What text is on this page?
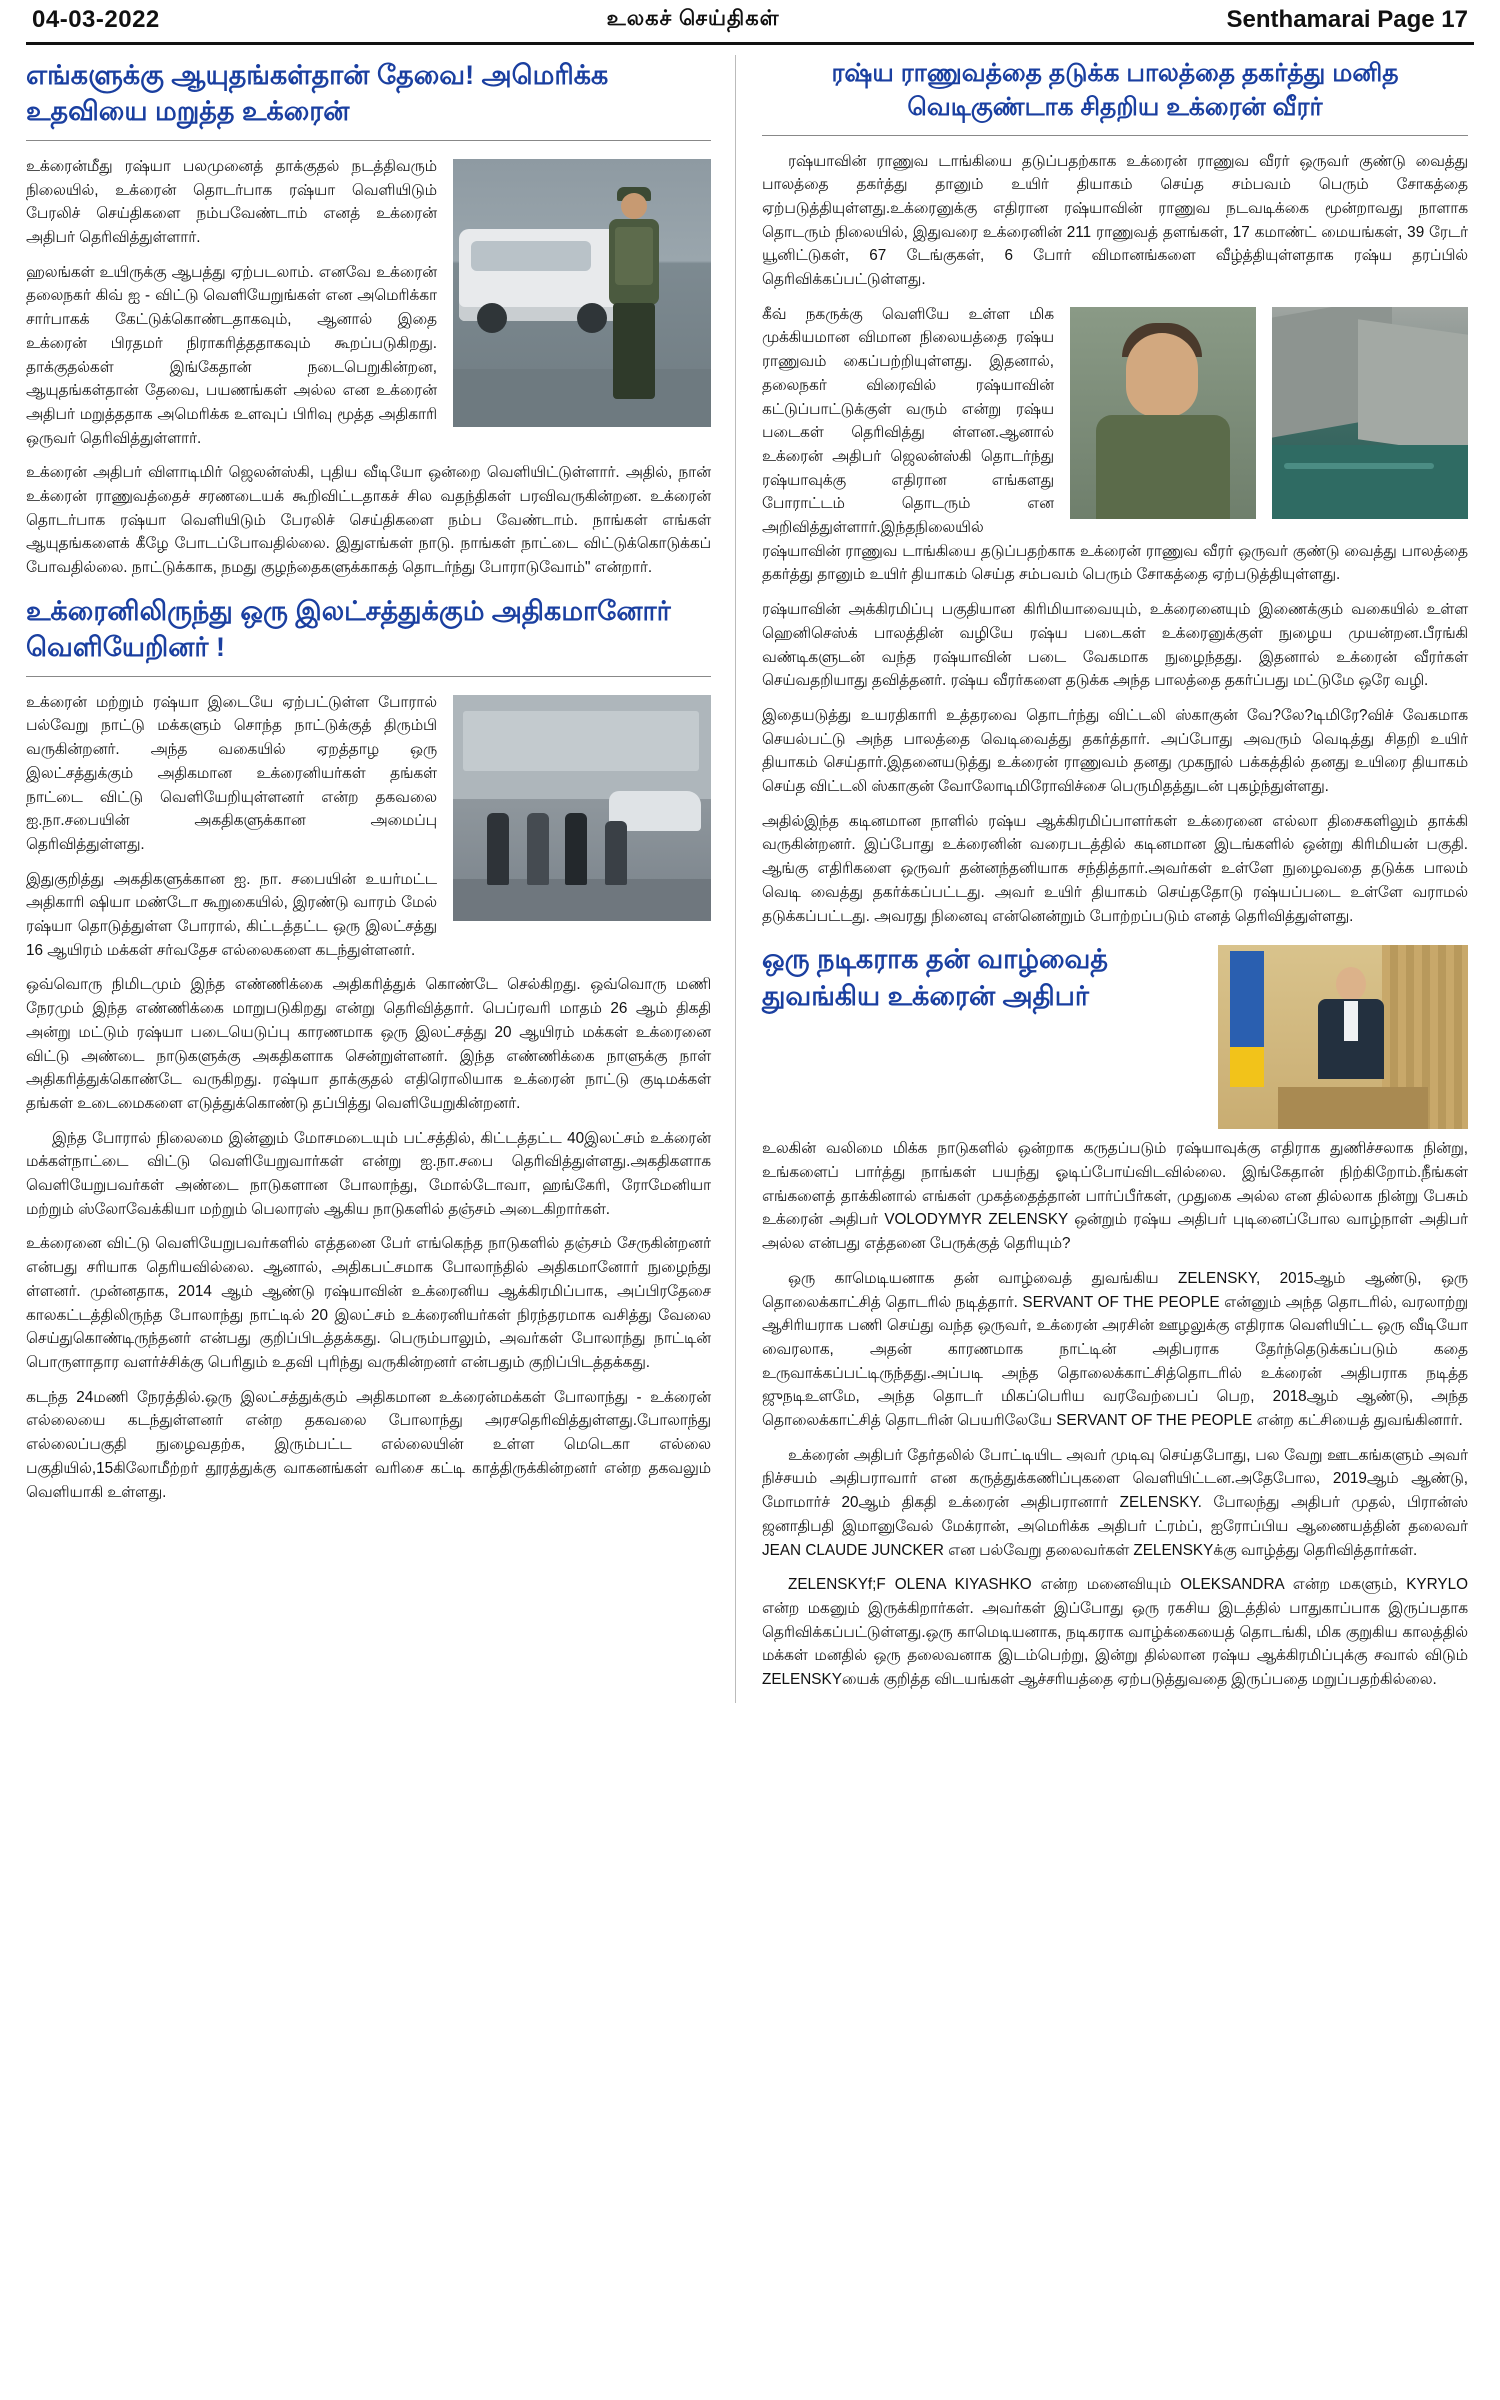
04-03-2022	உலகச் செய்திகள்	Senthamarai Page 17
எங்களுக்கு ஆயுதங்கள்தான் தேவை! அமெரிக்க உதவியை மறுத்த உக்ரைன்

உக்ரைன்மீது ரஷ்யா பலமுனைத் தாக்குதல் நடத்திவரும் நிலையில், உக்ரைன் தொடர்பாக ரஷ்யா வெளியிடும் பேரலிச் செய்திகளை நம்பவேண்டாம் எனத் உக்ரைன் அதிபர் தெரிவித்துள்ளார்.

ஹலங்கள் உயிருக்கு ஆபத்து ஏற்படலாம். எனவே உக்ரைன் தலைநகர் கிவ் ஐ - விட்டு வெளியேறுங்கள் என அமெரிக்கா சார்பாகக் கேட்டுக்கொண்டதாகவும், ஆனால் இதை உக்ரைன் பிரதமர் நிராகரித்ததாகவும் கூறப்படுகிறது. தாக்குதல்கள் இங்கேதான் நடைபெறுகின்றன, ஆயுதங்கள்தான் தேவை, பயணங்கள் அல்ல என உக்ரைன் அதிபர் மறுத்ததாக அமெரிக்க உளவுப் பிரிவு மூத்த அதிகாரி ஒருவர் தெரிவித்துள்ளார்.

உக்ரைன் அதிபர் விளாடிமிர் ஜெலன்ஸ்கி, புதிய வீடியோ ஒன்றை வெளியிட்டுள்ளார். அதில், நான் உக்ரைன் ராணுவத்தைச் சரணடையக் கூறிவிட்டதாகச் சில வதந்திகள் பரவிவருகின்றன. உக்ரைன் தொடர்பாக ரஷ்யா வெளியிடும் பேரலிச் செய்திகளை நம்ப வேண்டாம். நாங்கள் எங்கள் ஆயுதங்களைக் கீழே போடப்போவதில்லை. இதுஎங்கள் நாடு. நாங்கள் நாட்டை விட்டுக்கொடுக்கப் போவதில்லை. நாட்டுக்காக, நமது குழந்தைகளுக்காகத் தொடர்ந்து போராடுவோம்" என்றார்.

உக்ரைனிலிருந்து ஒரு இலட்சத்துக்கும் அதிகமானோர் வெளியேறினர் !

உக்ரைன் மற்றும் ரஷ்யா இடையே ஏற்பட்டுள்ள போரால் பல்வேறு நாட்டு மக்களும் சொந்த நாட்டுக்குத் திரும்பி வருகின்றனர். அந்த வகையில் ஏறத்தாழ ஒரு இலட்சத்துக்கும் அதிகமான உக்ரைனியர்கள் தங்கள் நாட்டை விட்டு வெளியேறியுள்ளனர் என்ற தகவலை ஐ.நா.சபையின் அகதிகளுக்கான அமைப்பு தெரிவித்துள்ளது.

இதுகுறித்து அகதிகளுக்கான ஐ. நா. சபையின் உயர்மட்ட அதிகாரி ஷியா மண்டோ கூறுகையில், இரண்டு வாரம் மேல் ரஷ்யா தொடுத்துள்ள போரால், கிட்டத்தட்ட ஒரு இலட்சத்து 16 ஆயிரம் மக்கள் சர்வதேச எல்லைகளை கடந்துள்ளனர்.

ஒவ்வொரு நிமிடமும் இந்த எண்ணிக்கை அதிகரித்துக் கொண்டே செல்கிறது. ஒவ்வொரு மணி நேரமும் இந்த எண்ணிக்கை மாறுபடுகிறது என்று தெரிவித்தார். பெப்ரவரி மாதம் 26 ஆம் திகதி அன்று மட்டும் ரஷ்யா படையெடுப்பு காரணமாக ஒரு இலட்சத்து 20 ஆயிரம் மக்கள் உக்ரைனை விட்டு அண்டை நாடுகளுக்கு அகதிகளாக சென்றுள்ளனர். இந்த எண்ணிக்கை நாளுக்கு நாள் அதிகரித்துக்கொண்டே வருகிறது. ரஷ்யா தாக்குதல் எதிரொலியாக உக்ரைன் நாட்டு குடிமக்கள் தங்கள் உடைமைகளை எடுத்துக்கொண்டு தப்பித்து வெளியேறுகின்றனர்.

இந்த போரால் நிலைமை இன்னும் மோசமடையும் பட்சத்தில், கிட்டத்தட்ட 40இலட்சம் உக்ரைன் மக்கள்நாட்டை விட்டு வெளியேறுவார்கள் என்று ஐ.நா.சபை தெரிவித்துள்ளது.அகதிகளாக வெளியேறுபவர்கள் அண்டை நாடுகளான போலாந்து, மோல்டோவா, ஹங்கேரி, ரோமேனியா மற்றும் ஸ்லோவேக்கியா மற்றும் பெலாரஸ் ஆகிய நாடுகளில் தஞ்சம் அடைகிறார்கள்.

உக்ரைனை விட்டு வெளியேறுபவர்களில் எத்தனை பேர் எங்கெந்த நாடுகளில் தஞ்சம் சேருகின்றனர் என்பது சரியாக தெரியவில்லை. ஆனால், அதிகபட்சமாக போலாந்தில் அதிகமானோர் நுழைந்து ள்ளனர். முன்னதாக, 2014 ஆம் ஆண்டு ரஷ்யாவின் உக்ரைனிய ஆக்கிரமிப்பாக, அப்பிரதேசை காலகட்டத்திலிருந்த போலாந்து நாட்டில் 20 இலட்சம் உக்ரைனியர்கள் நிரந்தரமாக வசித்து வேலை செய்துகொண்டிருந்தனர் என்பது குறிப்பிடத்தக்கது. பெரும்பாலும், அவர்கள் போலாந்து நாட்டின் பொருளாதார வளர்ச்சிக்கு பெரிதும் உதவி புரிந்து வருகின்றனர் என்பதும் குறிப்பிடத்தக்கது.

கடந்த 24மணி நேரத்தில்.ஒரு இலட்சத்துக்கும் அதிகமான உக்ரைன்மக்கள் போலாந்து - உக்ரைன் எல்லையை கடந்துள்ளனர் என்ற தகவலை போலாந்து அரசதெரிவித்துள்ளது.போலாந்து எல்லைப்பகுதி நுழைவதற்க, இரும்பட்ட எல்லையின் உள்ள மெடெகா எல்லை பகுதியில்,15கிலோமீற்றர் தூரத்துக்கு வாகனங்கள் வரிசை கட்டி காத்திருக்கின்றனர் என்ற தகவலும் வெளியாகி உள்ளது.

ரஷ்ய ராணுவத்தை தடுக்க பாலத்தை தகர்த்து மனித வெடிகுண்டாக சிதறிய உக்ரைன் வீரர்

ரஷ்யாவின் ராணுவ டாங்கியை தடுப்பதற்காக உக்ரைன் ராணுவ வீரர் ஒருவர் குண்டு வைத்து பாலத்தை தகர்த்து தானும் உயிர் தியாகம் செய்த சம்பவம் பெரும் சோகத்தை ஏற்படுத்தியுள்ளது.உக்ரைனுக்கு எதிரான ரஷ்யாவின் ராணுவ நடவடிக்கை மூன்றாவது நாளாக தொடரும் நிலையில், இதுவரை உக்ரைனின் 211 ராணுவத் தளங்கள், 17 கமாண்ட் மையங்கள், 39 ரேடர் யூனிட்டுகள், 67 டேங்குகள், 6 போர் விமானங்களை வீழ்த்தியுள்ளதாக ரஷ்ய தரப்பில் தெரிவிக்கப்பட்டுள்ளது.

கீவ் நகருக்கு வெளியே உள்ள மிக முக்கியமான விமான நிலையத்தை ரஷ்ய ராணுவம் கைப்பற்றியுள்ளது. இதனால், தலைநகர் விரைவில் ரஷ்யாவின் கட்டுப்பாட்டுக்குள் வரும் என்று ரஷ்ய படைகள் தெரிவித்து ள்ளன.ஆனால் உக்ரைன் அதிபர் ஜெலன்ஸ்கி தொடர்ந்து ரஷ்யாவுக்கு எதிரான எங்களது போராட்டம் தொடரும் என அறிவித்துள்ளார்.இந்தநிலையில் ரஷ்யாவின் ராணுவ டாங்கியை தடுப்பதற்காக உக்ரைன் ராணுவ வீரர் ஒருவர் குண்டு வைத்து பாலத்தை தகர்த்து தானும் உயிர் தியாகம் செய்த சம்பவம் பெரும் சோகத்தை ஏற்படுத்தியுள்ளது.

ரஷ்யாவின் அக்கிரமிப்பு பகுதியான கிரிமியாவையும், உக்ரைனையும் இணைக்கும் வகையில் உள்ள ஹெனிசெஸ்க் பாலத்தின் வழியே ரஷ்ய படைகள் உக்ரைனுக்குள் நுழைய முயன்றன.பீரங்கி வண்டிகளுடன் வந்த ரஷ்யாவின் படை வேகமாக நுழைந்தது. இதனால் உக்ரைன் வீரர்கள் செய்வதறியாது தவித்தனர். ரஷ்ய வீரர்களை தடுக்க அந்த பாலத்தை தகர்ப்பது மட்டுமே ஒரே வழி.

இதையடுத்து உயரதிகாரி உத்தரவை தொடர்ந்து விட்டலி ஸ்காகுன் வே?லே?டிமிரே?விச் வேகமாக செயல்பட்டு அந்த பாலத்தை வெடிவைத்து தகர்த்தார். அப்போது அவரும் வெடித்து சிதறி உயிர் தியாகம் செய்தார்.இதனையடுத்து உக்ரைன் ராணுவம் தனது முகநூல் பக்கத்தில் தனது உயிரை தியாகம் செய்த விட்டலி ஸ்காகுன் வோலோடிமிரோவிச்சை பெருமிதத்துடன் புகழ்ந்துள்ளது.

அதில்இந்த கடினமான நாளில் ரஷ்ய ஆக்கிரமிப்பாளர்கள் உக்ரைனை எல்லா திசைகளிலும் தாக்கி வருகின்றனர். இப்போது உக்ரைனின் வரைபடத்தில் கடினமான இடங்களில் ஒன்று கிரிமியன் பகுதி. ஆங்கு எதிரிகளை ஒருவர் தன்னந்தனியாக சந்தித்தார்.அவர்கள் உள்ளே நுழைவதை தடுக்க பாலம் வெடி வைத்து தகர்க்கப்பட்டது. அவர் உயிர் தியாகம் செய்ததோடு ரஷ்யப்படை உள்ளே வராமல் தடுக்கப்பட்டது. அவரது நினைவு என்னென்றும் போற்றப்படும் எனத் தெரிவித்துள்ளது.

ஒரு நடிகராக தன் வாழ்வைத் துவங்கிய உக்ரைன் அதிபர்

உலகின் வலிமை மிக்க நாடுகளில் ஒன்றாக கருதப்படும் ரஷ்யாவுக்கு எதிராக துணிச்சலாக நின்று, உங்களைப் பார்த்து நாங்கள் பயந்து ஓடிப்போய்விடவில்லை. இங்கேதான் நிற்கிறோம்.நீங்கள் எங்களைத் தாக்கினால் எங்கள் முகத்தைத்தான் பார்ப்பீர்கள், முதுகை அல்ல என தில்லாக நின்று பேசும் உக்ரைன் அதிபர் VOLODYMYR ZELENSKY ஒன்றும் ரஷ்ய அதிபர் புடினைப்போல வாழ்நாள் அதிபர் அல்ல என்பது எத்தனை பேருக்குத் தெரியும்?

ஒரு காமெடியனாக தன் வாழ்வைத் துவங்கிய ZELENSKY, 2015ஆம் ஆண்டு, ஒரு தொலைக்காட்சித் தொடரில் நடித்தார். SERVANT OF THE PEOPLE என்னும் அந்த தொடரில், வரலாற்று ஆசிரியராக பணி செய்து வந்த ஒருவர், உக்ரைன் அரசின் ஊழலுக்கு எதிராக வெளியிட்ட ஒரு வீடியோ வைரலாக, அதன் காரணமாக நாட்டின் அதிபராக தேர்ந்தெடுக்கப்படும் கதை உருவாக்கப்பட்டிருந்தது.அப்படி அந்த தொலைக்காட்சித்தொடரில் உக்ரைன் அதிபராக நடித்த ஜுநடிஉளமே, அந்த தொடர் மிகப்பெரிய வரவேற்பைப் பெற, 2018ஆம் ஆண்டு, அந்த தொலைக்காட்சித் தொடரின் பெயரிலேயே SERVANT OF THE PEOPLE என்ற கட்சியைத் துவங்கினார்.

உக்ரைன் அதிபர் தேர்தலில் போட்டியிட அவர் முடிவு செய்தபோது, பல வேறு ஊடகங்களும் அவர் நிச்சயம் அதிபராவார் என கருத்துக்கணிப்புகளை வெளியிட்டன.அதேபோல, 2019ஆம் ஆண்டு, மோமார்ச் 20ஆம் திகதி உக்ரைன் அதிபரானார் ZELENSKY. போலந்து அதிபர் முதல், பிரான்ஸ் ஜனாதிபதி இமானுவேல் மேக்ரான், அமெரிக்க அதிபர் ட்ரம்ப், ஐரோப்பிய ஆணையத்தின் தலைவர் JEAN CLAUDE JUNCKER என பல்வேறு தலைவர்கள் ZELENSKYக்கு வாழ்த்து தெரிவித்தார்கள்.

ZELENSKYf;F OLENA KIYASHKO என்ற மனைவியும் OLEKSANDRA என்ற மகளும், KYRYLO என்ற மகனும் இருக்கிறார்கள். அவர்கள் இப்போது ஒரு ரகசிய இடத்தில் பாதுகாப்பாக இருப்பதாக தெரிவிக்கப்பட்டுள்ளது.ஒரு காமெடியனாக, நடிகராக வாழ்க்கையைத் தொடங்கி, மிக குறுகிய காலத்தில் மக்கள் மனதில் ஒரு தலைவனாக இடம்பெற்று, இன்று தில்லான ரஷ்ய ஆக்கிரமிப்புக்கு சவால் விடும் ZELENSKYயைக் குறித்த விடயங்கள் ஆச்சரியத்தை ஏற்படுத்துவதை இருப்பதை மறுப்பதற்கில்லை.
